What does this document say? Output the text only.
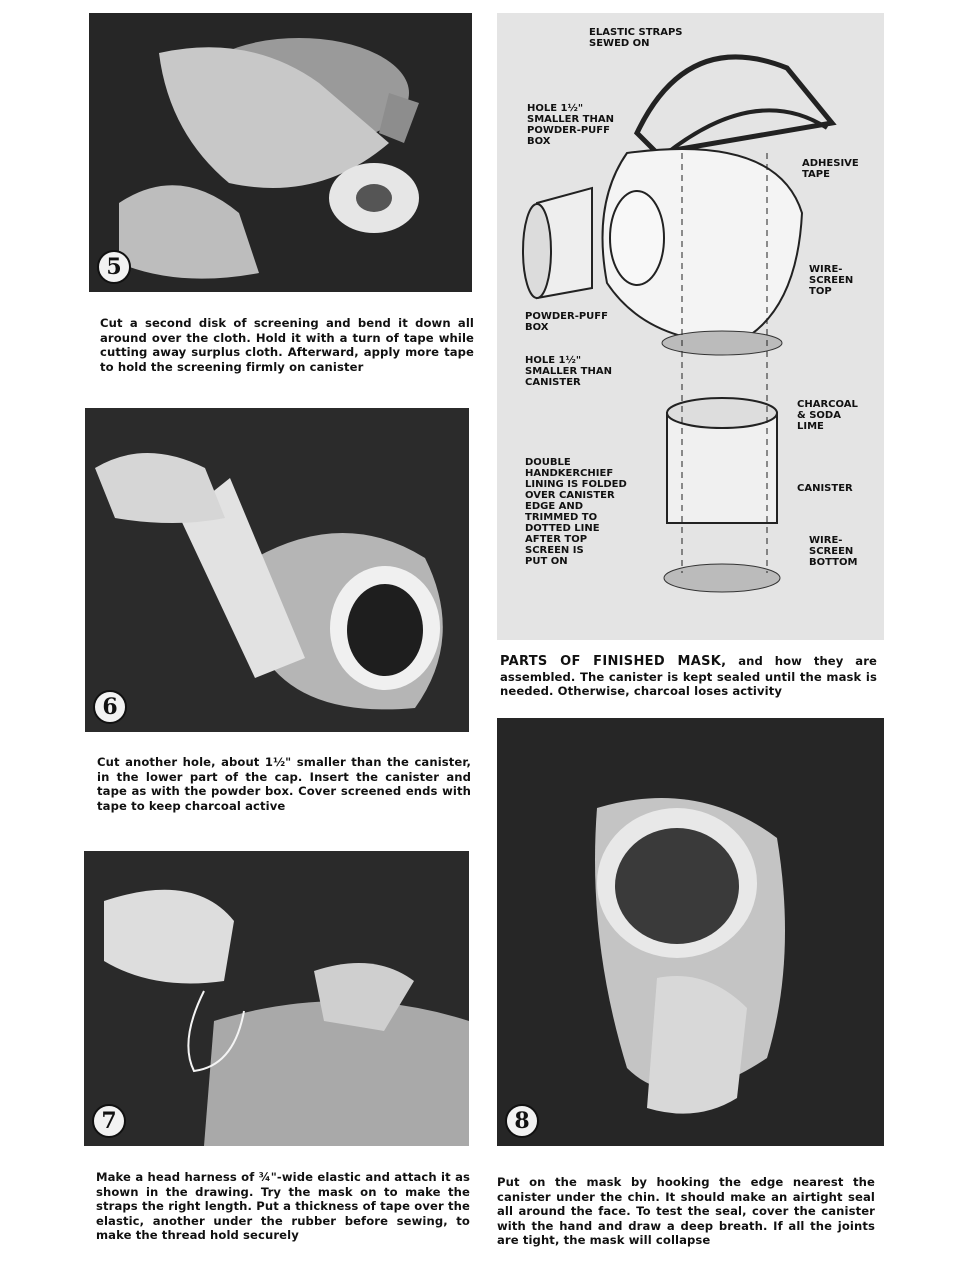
5
Cut a second disk of screening and bend it down all around over the cloth. Hold it with a turn of tape while cutting away surplus cloth. Afterward, apply more tape to hold the screening firmly on canister
6
Cut another hole, about 1½" smaller than the canister, in the lower part of the cap. Insert the canister and tape as with the powder box. Cover screened ends with tape to keep charcoal active
7
Make a head harness of ¾"-wide elastic and attach it as shown in the drawing. Try the mask on to make the straps the right length. Put a thickness of tape over the elastic, another under the rubber before sewing, to make the thread hold securely
8
Put on the mask by hooking the edge nearest the canister under the chin. It should make an airtight seal all around the face. To test the seal, cover the canister with the hand and draw a deep breath. If all the joints are tight, the mask will collapse
ELASTIC STRAPS
SEWED ON
HOLE 1½"
SMALLER THAN
POWDER-PUFF
BOX
ADHESIVE
TAPE
WIRE-
SCREEN
TOP
POWDER-PUFF
BOX
HOLE 1½"
SMALLER THAN
CANISTER
CHARCOAL
& SODA
LIME
DOUBLE
HANDKERCHIEF
LINING IS FOLDED
OVER CANISTER
EDGE AND
TRIMMED TO
DOTTED LINE
AFTER TOP
SCREEN IS
PUT ON
CANISTER
WIRE-
SCREEN
BOTTOM
PARTS OF FINISHED MASK, and how they are assembled. The canister is kept sealed until the mask is needed. Otherwise, charcoal loses activity
